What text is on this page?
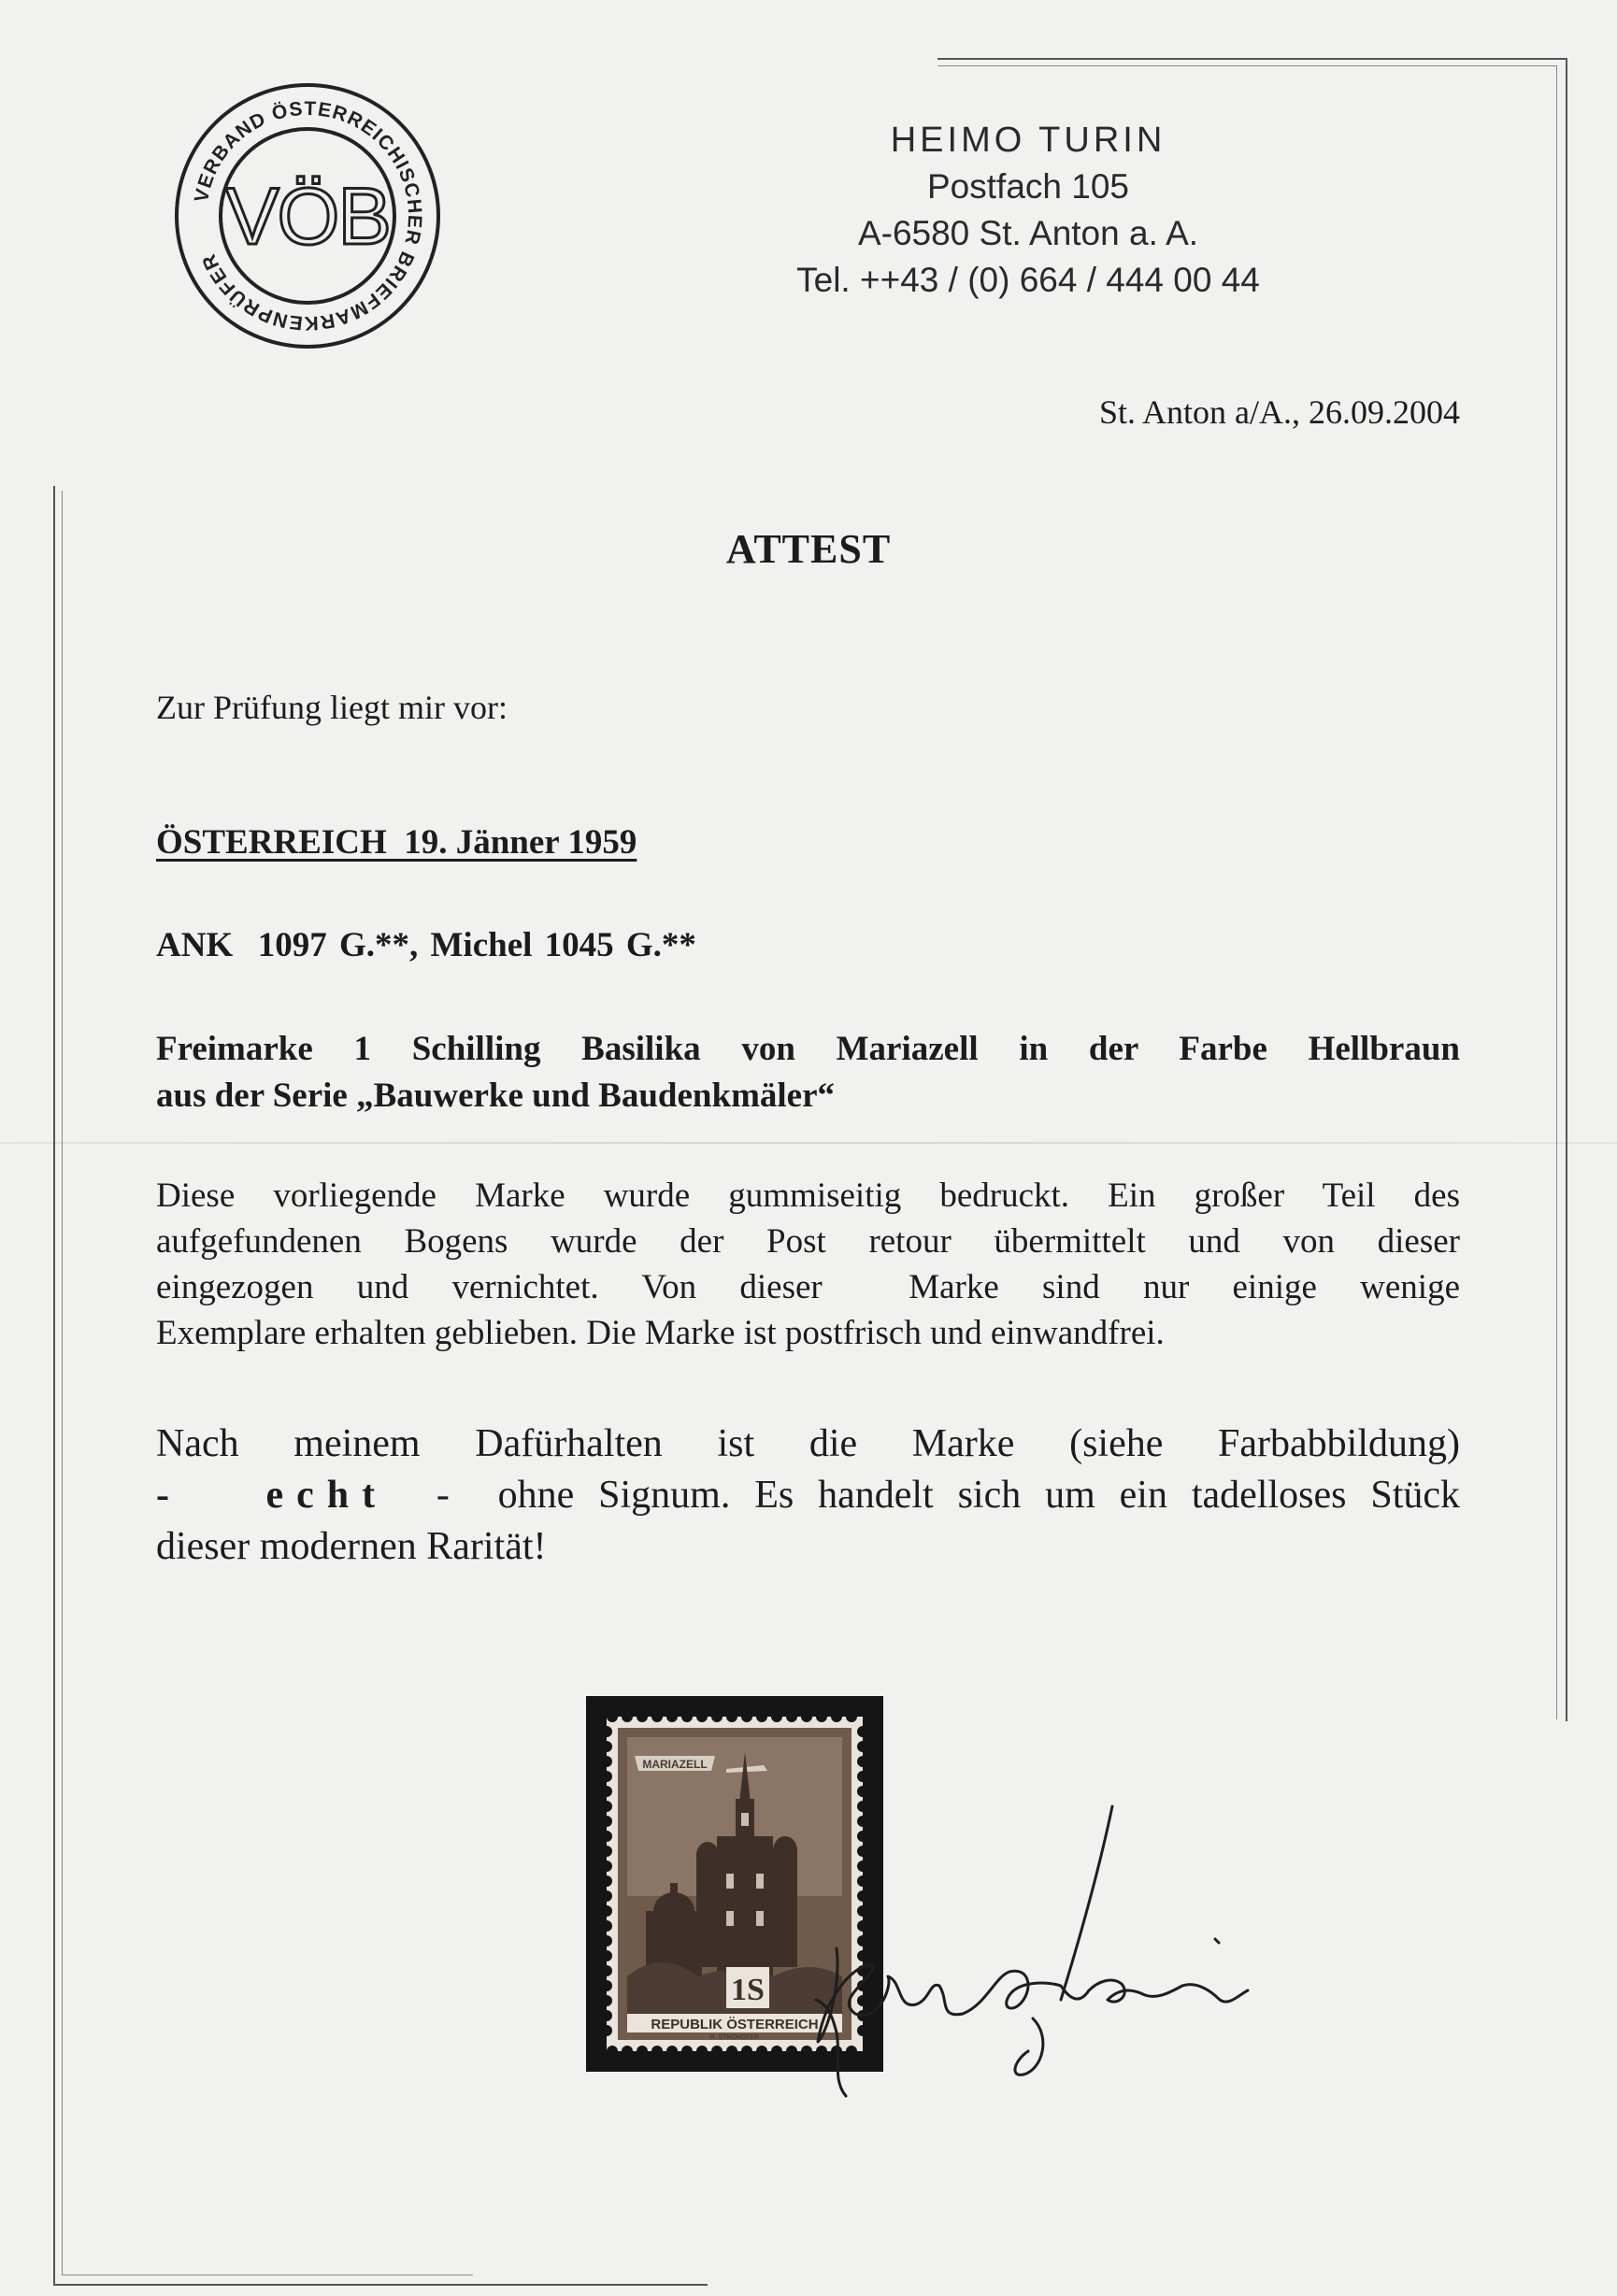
VERBAND ÖSTERREICHISCHER BRIEFMARKENPRÜFER VÖB
HEIMO TURIN
Postfach 105
A-6580 St. Anton a. A.
Tel. ++43 / (0) 664 / 444 00 44
St. Anton a/A., 26.09.2004
ATTEST
Zur Prüfung liegt mir vor:
ÖSTERREICH  19. Jänner 1959
ANK  1097 G.**, Michel 1045 G.**
Freimarke 1 Schilling Basilika von Mariazell in der Farbe Hellbraun
aus der Serie „Bauwerke und Baudenkmäler“
Diese vorliegende Marke wurde gummiseitig bedruckt. Ein großer Teil des
aufgefundenen Bogens wurde der Post retour übermittelt und von dieser
eingezogen und vernichtet. Von dieser  Marke sind nur einige wenige
Exemplare erhalten geblieben. Die Marke ist postfrisch und einwandfrei.
Nach meinem Dafürhalten ist die Marke (siehe Farbabbildung)
- echt -  ohne Signum. Es handelt sich um ein tadelloses Stück
dieser modernen Rarität!
MARIAZELL
1S
REPUBLIK ÖSTERREICH
H. STROHOFER
